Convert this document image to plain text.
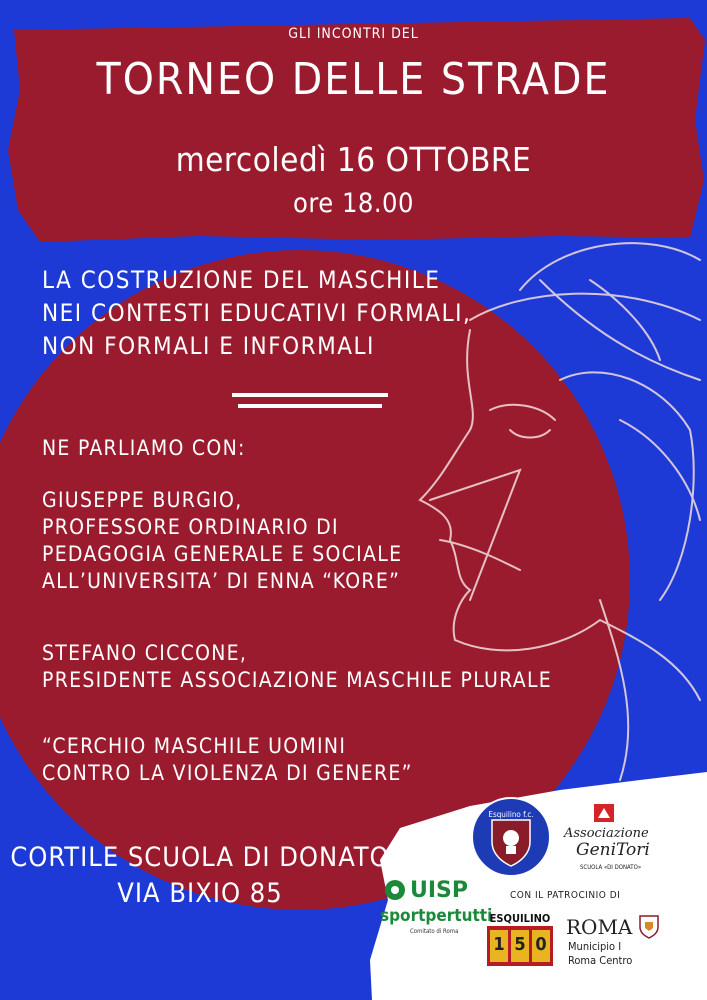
GLI INCONTRI DEL
TORNEO DELLE STRADE
mercoledì 16 OTTOBRE
ore 18.00
LA COSTRUZIONE DEL MASCHILE
NEI CONTESTI EDUCATIVI FORMALI,
NON FORMALI E INFORMALI
NE PARLIAMO CON:
GIUSEPPE BURGIO,
PROFESSORE ORDINARIO DI
PEDAGOGIA GENERALE E SOCIALE
ALL’UNIVERSITA’ DI ENNA “KORE”
STEFANO CICCONE,
PRESIDENTE ASSOCIAZIONE MASCHILE PLURALE
“CERCHIO MASCHILE UOMINI
CONTRO LA VIOLENZA DI GENERE”
CORTILE SCUOLA DI DONATO
VIA BIXIO 85
Esquilino f.c.
Associazione
GeniTori
SCUOLA «DI DONATO»
UISP
sportpertutti
Comitato di Roma
CON IL PATROCINIO DI
ESQUILINO
1 5 0
ROMA
Municipio I
Roma Centro
